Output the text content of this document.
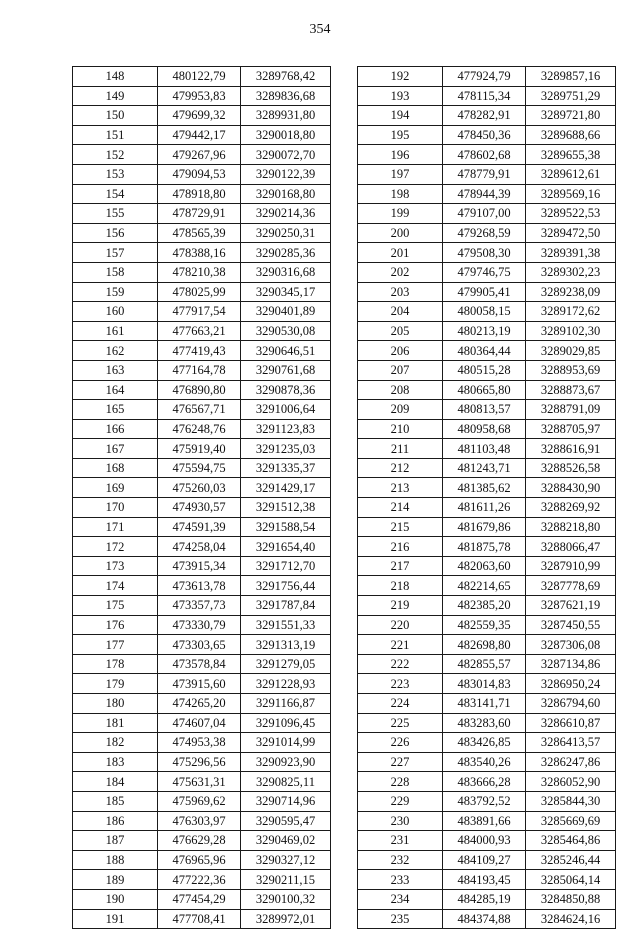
354
148	480122,79	3289768,42
149	479953,83	3289836,68
150	479699,32	3289931,80
151	479442,17	3290018,80
152	479267,96	3290072,70
153	479094,53	3290122,39
154	478918,80	3290168,80
155	478729,91	3290214,36
156	478565,39	3290250,31
157	478388,16	3290285,36
158	478210,38	3290316,68
159	478025,99	3290345,17
160	477917,54	3290401,89
161	477663,21	3290530,08
162	477419,43	3290646,51
163	477164,78	3290761,68
164	476890,80	3290878,36
165	476567,71	3291006,64
166	476248,76	3291123,83
167	475919,40	3291235,03
168	475594,75	3291335,37
169	475260,03	3291429,17
170	474930,57	3291512,38
171	474591,39	3291588,54
172	474258,04	3291654,40
173	473915,34	3291712,70
174	473613,78	3291756,44
175	473357,73	3291787,84
176	473330,79	3291551,33
177	473303,65	3291313,19
178	473578,84	3291279,05
179	473915,60	3291228,93
180	474265,20	3291166,87
181	474607,04	3291096,45
182	474953,38	3291014,99
183	475296,56	3290923,90
184	475631,31	3290825,11
185	475969,62	3290714,96
186	476303,97	3290595,47
187	476629,28	3290469,02
188	476965,96	3290327,12
189	477222,36	3290211,15
190	477454,29	3290100,32
191	477708,41	3289972,01
192	477924,79	3289857,16
193	478115,34	3289751,29
194	478282,91	3289721,80
195	478450,36	3289688,66
196	478602,68	3289655,38
197	478779,91	3289612,61
198	478944,39	3289569,16
199	479107,00	3289522,53
200	479268,59	3289472,50
201	479508,30	3289391,38
202	479746,75	3289302,23
203	479905,41	3289238,09
204	480058,15	3289172,62
205	480213,19	3289102,30
206	480364,44	3289029,85
207	480515,28	3288953,69
208	480665,80	3288873,67
209	480813,57	3288791,09
210	480958,68	3288705,97
211	481103,48	3288616,91
212	481243,71	3288526,58
213	481385,62	3288430,90
214	481611,26	3288269,92
215	481679,86	3288218,80
216	481875,78	3288066,47
217	482063,60	3287910,99
218	482214,65	3287778,69
219	482385,20	3287621,19
220	482559,35	3287450,55
221	482698,80	3287306,08
222	482855,57	3287134,86
223	483014,83	3286950,24
224	483141,71	3286794,60
225	483283,60	3286610,87
226	483426,85	3286413,57
227	483540,26	3286247,86
228	483666,28	3286052,90
229	483792,52	3285844,30
230	483891,66	3285669,69
231	484000,93	3285464,86
232	484109,27	3285246,44
233	484193,45	3285064,14
234	484285,19	3284850,88
235	484374,88	3284624,16
